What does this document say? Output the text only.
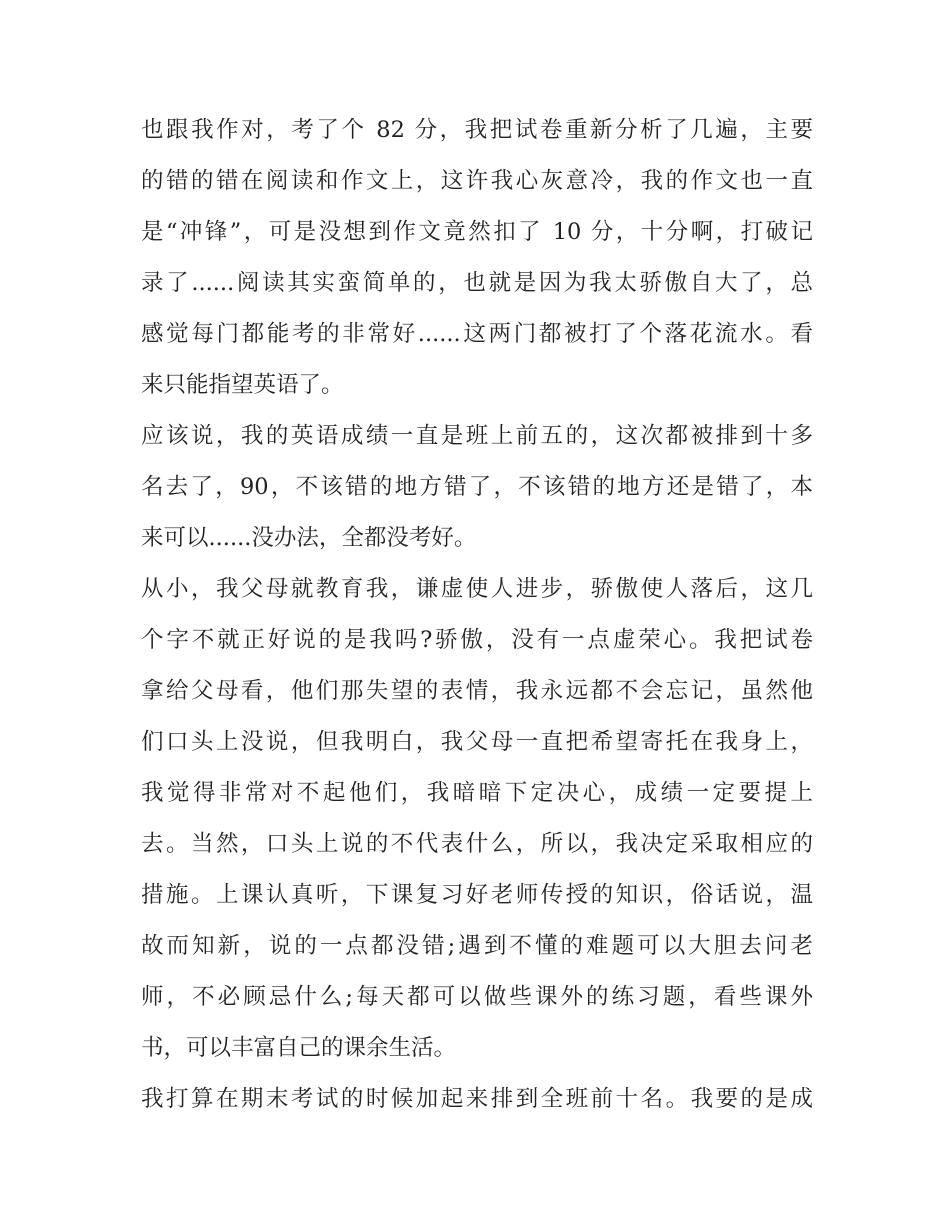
也跟我作对，考了个 82 分，我把试卷重新分析了几遍，主要
的错的错在阅读和作文上，这许我心灰意冷，我的作文也一直
是“冲锋”，可是没想到作文竟然扣了 10 分，十分啊，打破记
录了......阅读其实蛮简单的，也就是因为我太骄傲自大了，总
感觉每门都能考的非常好......这两门都被打了个落花流水。看
来只能指望英语了。
应该说，我的英语成绩一直是班上前五的，这次都被排到十多
名去了，90，不该错的地方错了，不该错的地方还是错了，本
来可以......没办法，全都没考好。
从小，我父母就教育我，谦虚使人进步，骄傲使人落后，这几
个字不就正好说的是我吗?骄傲，没有一点虚荣心。我把试卷
拿给父母看，他们那失望的表情，我永远都不会忘记，虽然他
们口头上没说，但我明白，我父母一直把希望寄托在我身上，
我觉得非常对不起他们，我暗暗下定决心，成绩一定要提上
去。当然，口头上说的不代表什么，所以，我决定采取相应的
措施。上课认真听，下课复习好老师传授的知识，俗话说，温
故而知新，说的一点都没错;遇到不懂的难题可以大胆去问老
师，不必顾忌什么;每天都可以做些课外的练习题，看些课外
书，可以丰富自己的课余生活。
我打算在期末考试的时候加起来排到全班前十名。我要的是成
